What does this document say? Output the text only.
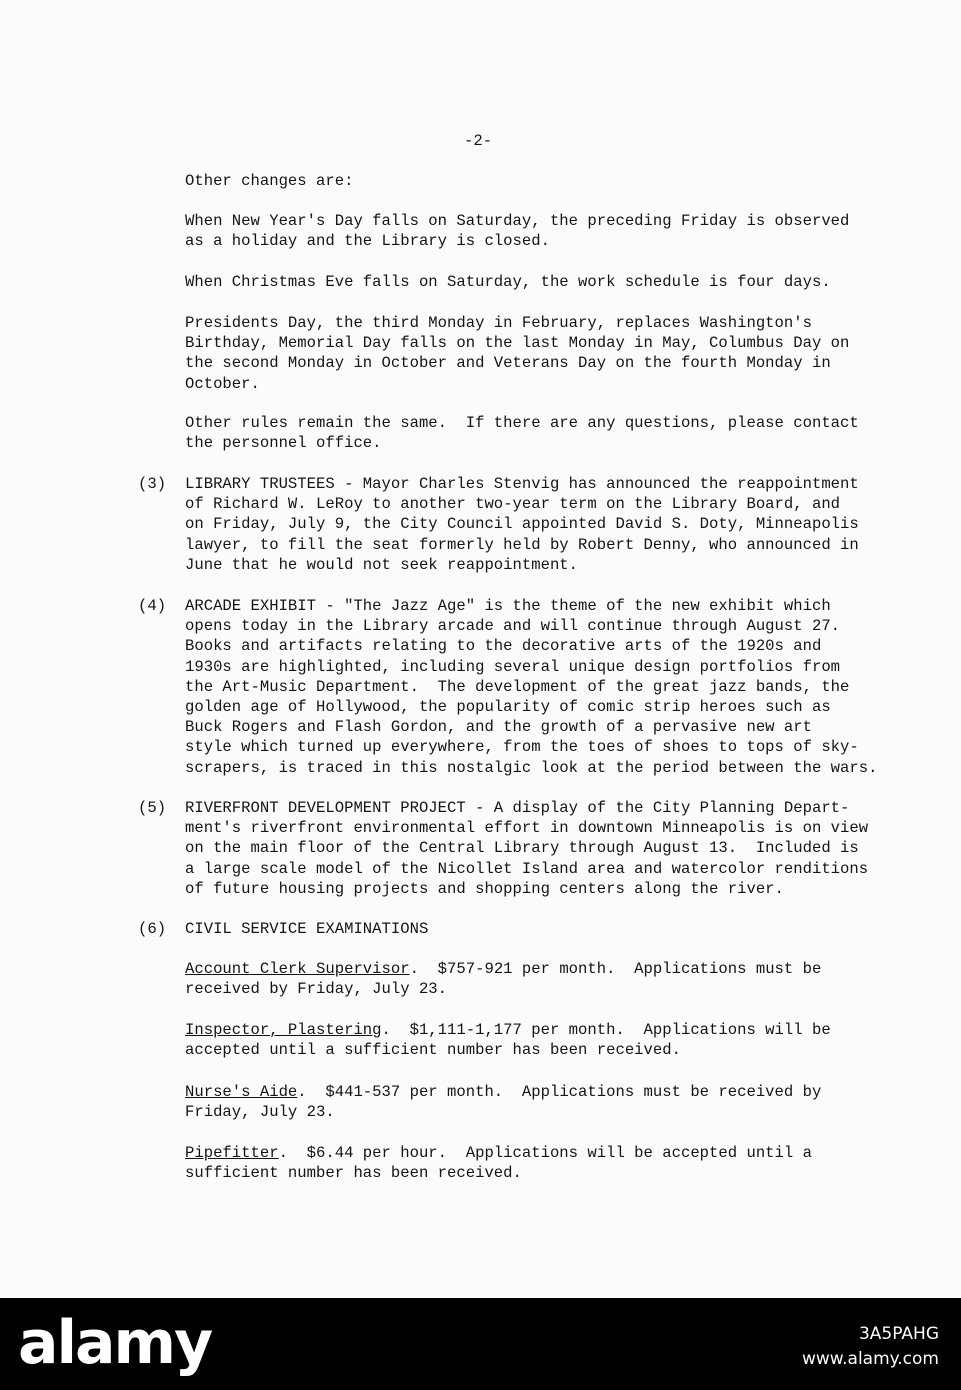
-2-

Other changes are:

When New Year's Day falls on Saturday, the preceding Friday is observed
as a holiday and the Library is closed.

When Christmas Eve falls on Saturday, the work schedule is four days.

Presidents Day, the third Monday in February, replaces Washington's
Birthday, Memorial Day falls on the last Monday in May, Columbus Day on
the second Monday in October and Veterans Day on the fourth Monday in
October.

Other rules remain the same.  If there are any questions, please contact
the personnel office.

(3) LIBRARY TRUSTEES - Mayor Charles Stenvig has announced the reappointment
of Richard W. LeRoy to another two-year term on the Library Board, and
on Friday, July 9, the City Council appointed David S. Doty, Minneapolis
lawyer, to fill the seat formerly held by Robert Denny, who announced in
June that he would not seek reappointment.

(4) ARCADE EXHIBIT - "The Jazz Age" is the theme of the new exhibit which
opens today in the Library arcade and will continue through August 27.
Books and artifacts relating to the decorative arts of the 1920s and
1930s are highlighted, including several unique design portfolios from
the Art-Music Department.  The development of the great jazz bands, the
golden age of Hollywood, the popularity of comic strip heroes such as
Buck Rogers and Flash Gordon, and the growth of a pervasive new art
style which turned up everywhere, from the toes of shoes to tops of sky-
scrapers, is traced in this nostalgic look at the period between the wars.

(5) RIVERFRONT DEVELOPMENT PROJECT - A display of the City Planning Depart-
ment's riverfront environmental effort in downtown Minneapolis is on view
on the main floor of the Central Library through August 13.  Included is
a large scale model of the Nicollet Island area and watercolor renditions
of future housing projects and shopping centers along the river.

(6) CIVIL SERVICE EXAMINATIONS

Account Clerk Supervisor.  $757-921 per month.  Applications must be
received by Friday, July 23.

Inspector, Plastering.  $1,111-1,177 per month.  Applications will be
accepted until a sufficient number has been received.

Nurse's Aide.  $441-537 per month.  Applications must be received by
Friday, July 23.

Pipefitter.  $6.44 per hour.  Applications will be accepted until a
sufficient number has been received.

alamy	3A5PAHG
www.alamy.com
